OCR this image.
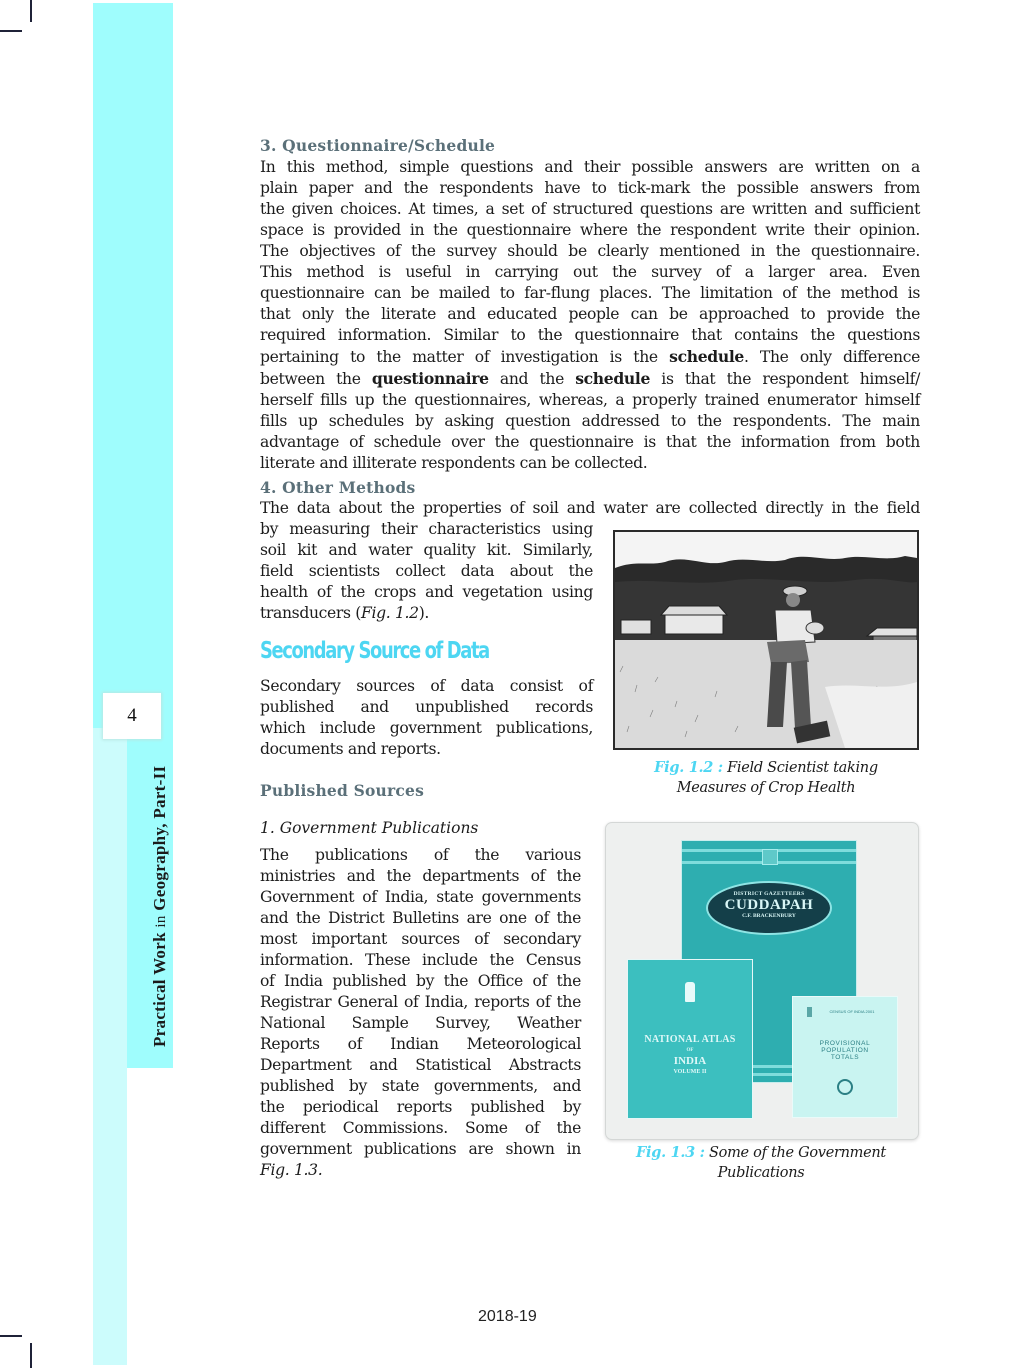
4
Practical Work in Geography, Part-II
3. Questionnaire/Schedule
In this method, simple questions and their possible answers are written on a
plain paper and the respondents have to tick-mark the possible answers from
the given choices. At times, a set of structured questions are written and sufficient
space is provided in the questionnaire where the respondent write their opinion.
The objectives of the survey should be clearly mentioned in the questionnaire.
This method is useful in carrying out the survey of a larger area. Even
questionnaire can be mailed to far-flung places. The limitation of the method is
that only the literate and educated people can be approached to provide the
required information. Similar to the questionnaire that contains the questions
pertaining to the matter of investigation is the schedule. The only difference
between the questionnaire and the schedule is that the respondent himself/
herself fills up the questionnaires, whereas, a properly trained enumerator himself
fills up schedules by asking question addressed to the respondents. The main
advantage of schedule over the questionnaire is that the information from both
literate and illiterate respondents can be collected.
4. Other Methods
The data about the properties of soil and water are collected directly in the field
by measuring their characteristics using
soil kit and water quality kit. Similarly,
field scientists collect data about the
health of the crops and vegetation using
transducers (Fig. 1.2).
Secondary Source of Data
Secondary sources of data consist of
published and unpublished records
which include government publications,
documents and reports.
Published Sources
1. Government Publications
The publications of the various
ministries and the departments of the
Government of India, state governments
and the District Bulletins are one of the
most important sources of secondary
information. These include the Census
of India published by the Office of the
Registrar General of India, reports of the
National Sample Survey, Weather
Reports of Indian Meteorological
Department and Statistical Abstracts
published by state governments, and
the periodical reports published by
different Commissions. Some of the
government publications are shown in
Fig. 1.3.
Fig. 1.2 : Field Scientist taking
Measures of Crop Health
DISTRICT GAZETTEERS
CUDDAPAH
C.F. BRACKENBURY
NATIONAL ATLAS
OF
INDIA
VOLUME II
CENSUS OF INDIA 2001
PROVISIONAL
POPULATION
TOTALS
Fig. 1.3 : Some of the Government
Publications
2018-19
